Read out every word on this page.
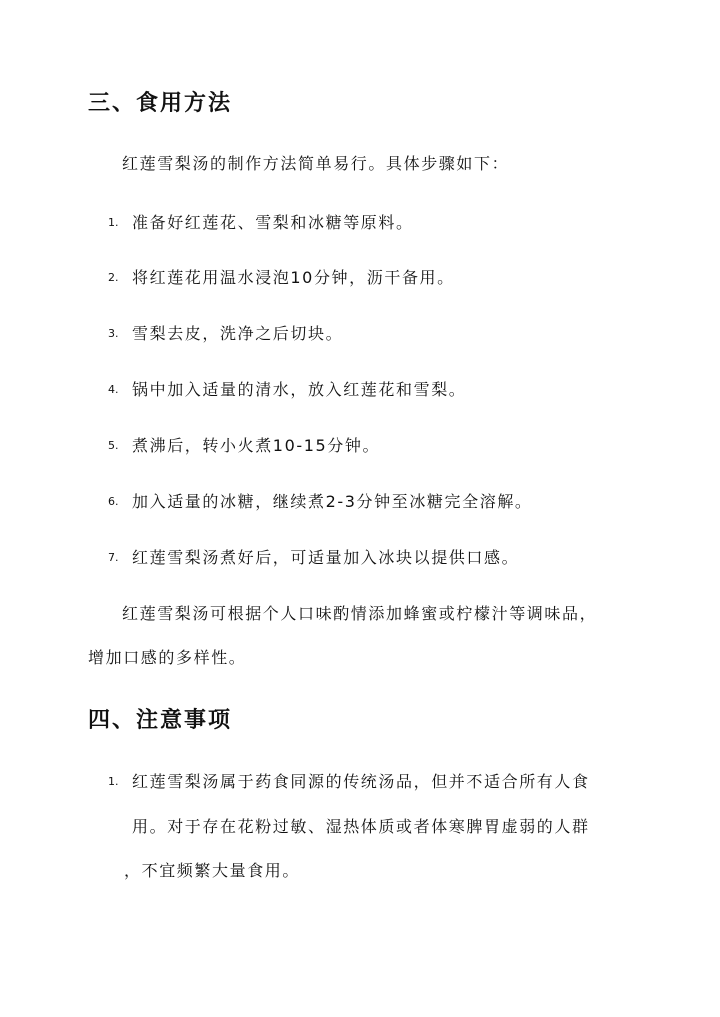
三、食用方法

红莲雪梨汤的制作方法简单易行。具体步骤如下：

1. 准备好红莲花、雪梨和冰糖等原料。
2. 将红莲花用温水浸泡10分钟，沥干备用。
3. 雪梨去皮，洗净之后切块。
4. 锅中加入适量的清水，放入红莲花和雪梨。
5. 煮沸后，转小火煮10-15分钟。
6. 加入适量的冰糖，继续煮2-3分钟至冰糖完全溶解。
7. 红莲雪梨汤煮好后，可适量加入冰块以提供口感。

红莲雪梨汤可根据个人口味酌情添加蜂蜜或柠檬汁等调味品，

增加口感的多样性。

四、注意事项
1. 红莲雪梨汤属于药食同源的传统汤品，但并不适合所有人食
用。对于存在花粉过敏、湿热体质或者体寒脾胃虚弱的人群
，不宜频繁大量食用。
